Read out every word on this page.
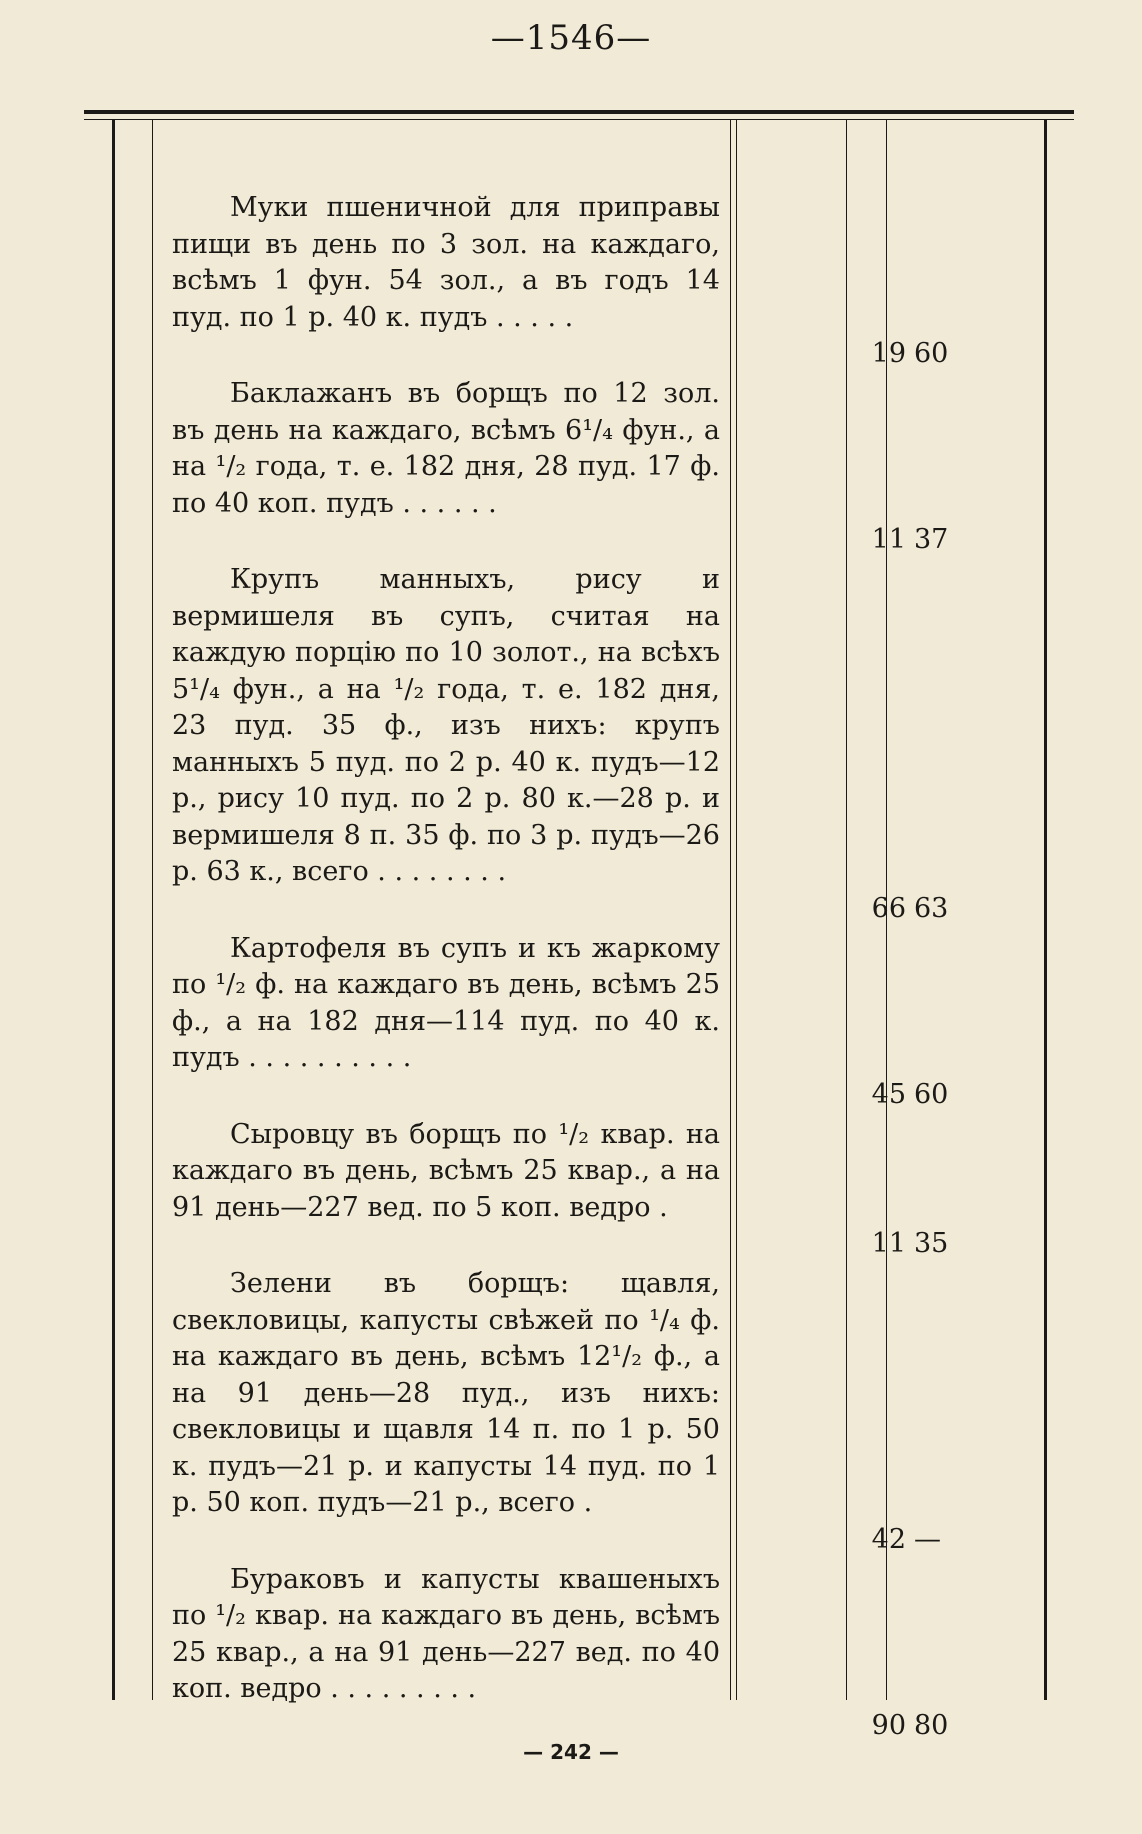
—1546—
Муки пшеничной для приправы пищи въ день по 3 зол. на каждаго, всѣмъ 1 фун. 54 зол., а въ годъ 14 пуд. по 1 р. 40 к. пудъ . . . . .
19 60
Баклажанъ въ борщъ по 12 зол. въ день на каждаго, всѣмъ 6¹/₄ фун., а на ¹/₂ года, т. е. 182 дня, 28 пуд. 17 ф. по 40 коп. пудъ . . . . . .
11 37
Крупъ манныхъ, рису и вермишеля въ супъ, считая на каждую порцію по 10 золот., на всѣхъ 5¹/₄ фун., а на ¹/₂ года, т. е. 182 дня, 23 пуд. 35 ф., изъ нихъ: крупъ манныхъ 5 пуд. по 2 р. 40 к. пудъ—12 р., рису 10 пуд. по 2 р. 80 к.—28 р. и вермишеля 8 п. 35 ф. по 3 р. пудъ—26 р. 63 к., всего . . . . . . . .
66 63
Картофеля въ супъ и къ жаркому по ¹/₂ ф. на каждаго въ день, всѣмъ 25 ф., а на 182 дня—114 пуд. по 40 к. пудъ . . . . . . . . . .
45 60
Сыровцу въ борщъ по ¹/₂ квар. на каждаго въ день, всѣмъ 25 квар., а на 91 день—227 вед. по 5 коп. ведро .
11 35
Зелени въ борщъ: щавля, свекловицы, капусты свѣжей по ¹/₄ ф. на каждаго въ день, всѣмъ 12¹/₂ ф., а на 91 день—28 пуд., изъ нихъ: свекловицы и щавля 14 п. по 1 р. 50 к. пудъ—21 р. и капусты 14 пуд. по 1 р. 50 коп. пудъ—21 р., всего .
42 —
Бураковъ и капусты квашеныхъ по ¹/₂ квар. на каждаго въ день, всѣмъ 25 квар., а на 91 день—227 вед. по 40 коп. ведро . . . . . . . . .
90 80
— 242 —
